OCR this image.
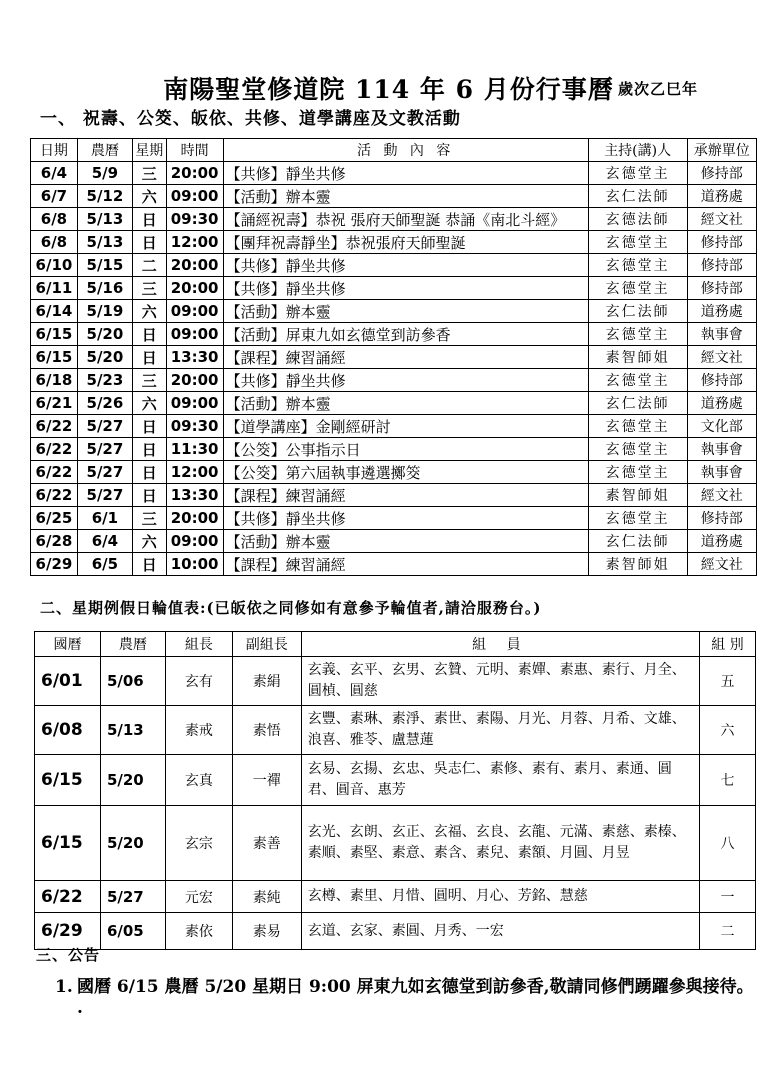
南陽聖堂修道院 114 年 6 月份行事曆 歲次乙巳年
一、 祝壽、公筊、皈依、共修、道學講座及文教活動
日期	農曆	星期	時間	活 動 內 容	主持(講)人	承辦單位
6/4	5/9	三	20:00	【共修】靜坐共修	玄德堂主	修持部
6/7	5/12	六	09:00	【活動】辦本靈	玄仁法師	道務處
6/8	5/13	日	09:30	【誦經祝壽】恭祝 張府天師聖誕 恭誦《南北斗經》	玄德法師	經文社
6/8	5/13	日	12:00	【團拜祝壽靜坐】恭祝張府天師聖誕	玄德堂主	修持部
6/10	5/15	二	20:00	【共修】靜坐共修	玄德堂主	修持部
6/11	5/16	三	20:00	【共修】靜坐共修	玄德堂主	修持部
6/14	5/19	六	09:00	【活動】辦本靈	玄仁法師	道務處
6/15	5/20	日	09:00	【活動】屏東九如玄德堂到訪參香	玄德堂主	執事會
6/15	5/20	日	13:30	【課程】練習誦經	素智師姐	經文社
6/18	5/23	三	20:00	【共修】靜坐共修	玄德堂主	修持部
6/21	5/26	六	09:00	【活動】辦本靈	玄仁法師	道務處
6/22	5/27	日	09:30	【道學講座】金剛經研討	玄德堂主	文化部
6/22	5/27	日	11:30	【公筊】公事指示日	玄德堂主	執事會
6/22	5/27	日	12:00	【公筊】第六屆執事遴選擲筊	玄德堂主	執事會
6/22	5/27	日	13:30	【課程】練習誦經	素智師姐	經文社
6/25	6/1	三	20:00	【共修】靜坐共修	玄德堂主	修持部
6/28	6/4	六	09:00	【活動】辦本靈	玄仁法師	道務處
6/29	6/5	日	10:00	【課程】練習誦經	素智師姐	經文社
二、星期例假日輪值表:(已皈依之同修如有意參予輪值者,請洽服務台。)
國曆	農曆	組長	副組長	組 員	組 別
6/01	5/06	玄有	素絹	玄義、玄平、玄男、玄贊、元明、素嬋、素惠、素行、月全、圓楨、圓慈	五
6/08	5/13	素戒	素悟	玄豐、素琳、素淨、素世、素陽、月光、月蓉、月希、文雄、浪喜、雅苓、盧慧蓮	六
6/15	5/20	玄真	一禪	玄易、玄揚、玄忠、吳志仁、素修、素有、素月、素通、圓君、圓音、惠芳	七
6/15	5/20	玄宗	素善	玄光、玄朗、玄正、玄福、玄良、玄龍、元滿、素慈、素榛、素順、素堅、素意、素含、素兒、素額、月圓、月昱	八
6/22	5/27	元宏	素純	玄樽、素里、月惜、圓明、月心、芳銘、慧慈	一
6/29	6/05	素依	素易	玄道、玄家、素圓、月秀、一宏	二
三、公告
1. 國曆 6/15 農曆 5/20 星期日 9:00 屏東九如玄德堂到訪參香,敬請同修們踴躍參與接待。
.
